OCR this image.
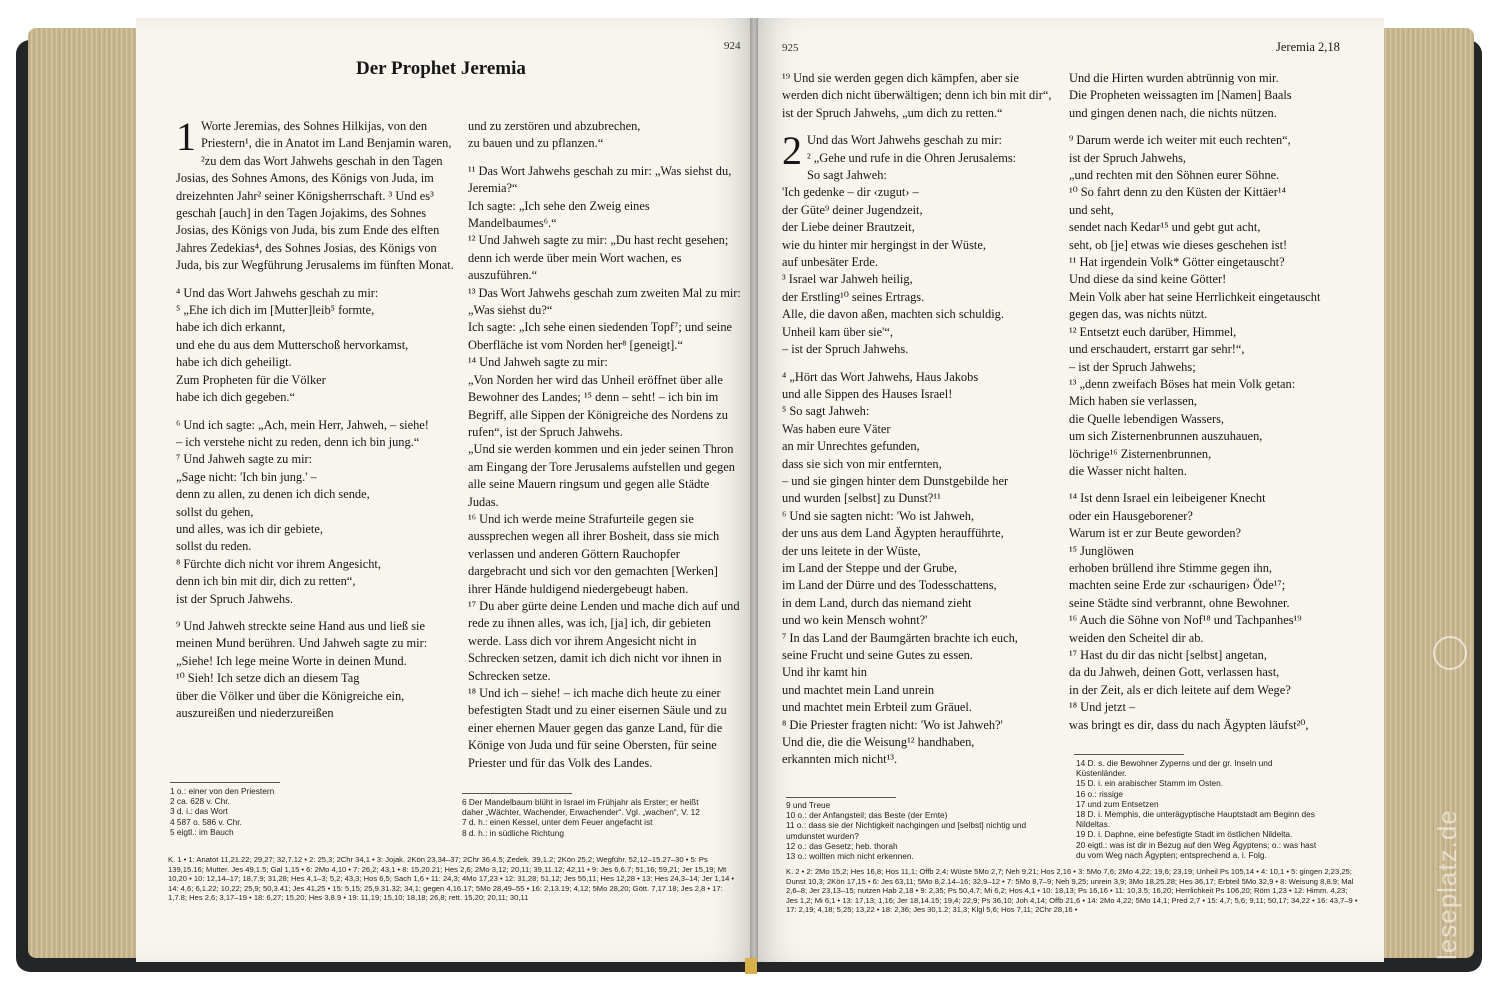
Der Prophet Jeremia
924	925	Jeremia 2,18

1 Worte Jeremias, des Sohnes Hilkijas, von den Priestern¹, die in Anatot im Land Benjamin waren, ²zu dem das Wort Jahwehs geschah in den Tagen Josias, des Sohnes Amons, des Königs von Juda, im dreizehnten Jahr² seiner Königsherrschaft. ³ Und es³ geschah [auch] in den Tagen Jojakims, des Sohnes Josias, des Königs von Juda, bis zum Ende des elften Jahres Zedekias⁴, des Sohnes Josias, des Königs von Juda, bis zur Wegführung Jerusalems im fünften Monat.

⁴ Und das Wort Jahwehs geschah zu mir:
⁵ „Ehe ich dich im [Mutter]leib⁵ formte,
habe ich dich erkannt,
und ehe du aus dem Mutterschoß hervorkamst,
habe ich dich geheiligt.
Zum Propheten für die Völker
habe ich dich gegeben.“

⁶ Und ich sagte: „Ach, mein Herr, Jahweh, – siehe!
– ich verstehe nicht zu reden, denn ich bin jung.“
⁷ Und Jahweh sagte zu mir:
„Sage nicht: 'Ich bin jung.' –
denn zu allen, zu denen ich dich sende,
sollst du gehen,
und alles, was ich dir gebiete,
sollst du reden.
⁸ Fürchte dich nicht vor ihrem Angesicht,
denn ich bin mit dir, dich zu retten“,
ist der Spruch Jahwehs.

⁹ Und Jahweh streckte seine Hand aus und ließ sie meinen Mund berühren. Und Jahweh sagte zu mir:
„Siehe! Ich lege meine Worte in deinen Mund.
¹⁰ Sieh! Ich setze dich an diesem Tag
über die Völker und über die Königreiche ein,
auszureißen und niederzureißen

und zu zerstören und abzubrechen,
zu bauen und zu pflanzen.“

¹¹ Das Wort Jahwehs geschah zu mir: „Was siehst du, Jeremia?“
Ich sagte: „Ich sehe den Zweig eines Mandelbaumes⁶.“
¹² Und Jahweh sagte zu mir: „Du hast recht gesehen; denn ich werde über mein Wort wachen, es auszuführen.“
¹³ Das Wort Jahwehs geschah zum zweiten Mal zu mir: „Was siehst du?“
Ich sagte: „Ich sehe einen siedenden Topf⁷; und seine Oberfläche ist vom Norden her⁸ [geneigt].“
¹⁴ Und Jahweh sagte zu mir:
„Von Norden her wird das Unheil eröffnet über alle Bewohner des Landes; ¹⁵ denn – seht! – ich bin im Begriff, alle Sippen der Königreiche des Nordens zu rufen“, ist der Spruch Jahwehs.
„Und sie werden kommen und ein jeder seinen Thron am Eingang der Tore Jerusalems aufstellen und gegen alle seine Mauern ringsum und gegen alle Städte Judas.
¹⁶ Und ich werde meine Strafurteile gegen sie aussprechen wegen all ihrer Bosheit, dass sie mich verlassen und anderen Göttern Rauchopfer dargebracht und sich vor den gemachten [Werken] ihrer Hände huldigend niedergebeugt haben.
¹⁷ Du aber gürte deine Lenden und mache dich auf und rede zu ihnen alles, was ich, [ja] ich, dir gebieten werde. Lass dich vor ihrem Angesicht nicht in Schrecken setzen, damit ich dich nicht vor ihnen in Schrecken setze.
¹⁸ Und ich – siehe! – ich mache dich heute zu einer befestigten Stadt und zu einer eisernen Säule und zu einer ehernen Mauer gegen das ganze Land, für die Könige von Juda und für seine Obersten, für seine Priester und für das Volk des Landes.

¹⁹ Und sie werden gegen dich kämpfen, aber sie werden dich nicht überwältigen; denn ich bin mit dir“, ist der Spruch Jahwehs, „um dich zu retten.“

2 Und das Wort Jahwehs geschah zu mir:
² „Gehe und rufe in die Ohren Jerusalems:
So sagt Jahweh:
'Ich gedenke – dir ‹zugut› –
der Güte⁹ deiner Jugendzeit,
der Liebe deiner Brautzeit,
wie du hinter mir hergingst in der Wüste,
auf unbesäter Erde.
³ Israel war Jahweh heilig,
der Erstling¹⁰ seines Ertrags.
Alle, die davon aßen, machten sich schuldig.
Unheil kam über sie'“,
– ist der Spruch Jahwehs.

⁴ „Hört das Wort Jahwehs, Haus Jakobs
und alle Sippen des Hauses Israel!
⁵ So sagt Jahweh:
Was haben eure Väter
an mir Unrechtes gefunden,
dass sie sich von mir entfernten,
– und sie gingen hinter dem Dunstgebilde her
und wurden [selbst] zu Dunst?¹¹
⁶ Und sie sagten nicht: 'Wo ist Jahweh,
der uns aus dem Land Ägypten heraufführte,
der uns leitete in der Wüste,
im Land der Steppe und der Grube,
im Land der Dürre und des Todesschattens,
in dem Land, durch das niemand zieht
und wo kein Mensch wohnt?'
⁷ In das Land der Baumgärten brachte ich euch,
seine Frucht und seine Gutes zu essen.
Und ihr kamt hin
und machtet mein Land unrein
und machtet mein Erbteil zum Gräuel.
⁸ Die Priester fragten nicht: 'Wo ist Jahweh?'
Und die, die die Weisung¹² handhaben,
erkannten mich nicht¹³.

Und die Hirten wurden abtrünnig von mir.
Die Propheten weissagten im [Namen] Baals
und gingen denen nach, die nichts nützen.

⁹ Darum werde ich weiter mit euch rechten“,
ist der Spruch Jahwehs,
„und rechten mit den Söhnen eurer Söhne.
¹⁰ So fahrt denn zu den Küsten der Kittäer¹⁴
und seht,
sendet nach Kedar¹⁵ und gebt gut acht,
seht, ob [je] etwas wie dieses geschehen ist!
¹¹ Hat irgendein Volk* Götter eingetauscht?
Und diese da sind keine Götter!
Mein Volk aber hat seine Herrlichkeit eingetauscht
gegen das, was nichts nützt.
¹² Entsetzt euch darüber, Himmel,
und erschaudert, erstarrt gar sehr!“,
– ist der Spruch Jahwehs;
¹³ „denn zweifach Böses hat mein Volk getan:
Mich haben sie verlassen,
die Quelle lebendigen Wassers,
um sich Zisternenbrunnen auszuhauen,
löchrige¹⁶ Zisternenbrunnen,
die Wasser nicht halten.

¹⁴ Ist denn Israel ein leibeigener Knecht
oder ein Hausgeborener?
Warum ist er zur Beute geworden?
¹⁵ Junglöwen
erhoben brüllend ihre Stimme gegen ihn,
machten seine Erde zur ‹schaurigen› Öde¹⁷;
seine Städte sind verbrannt, ohne Bewohner.
¹⁶ Auch die Söhne von Nof¹⁸ und Tachpanhes¹⁹
weiden den Scheitel dir ab.
¹⁷ Hast du dir das nicht [selbst] angetan,
da du Jahweh, deinen Gott, verlassen hast,
in der Zeit, als er dich leitete auf dem Wege?
¹⁸ Und jetzt –
was bringt es dir, dass du nach Ägypten läufst²⁰,

1 o.: einer von den Priestern
2 ca. 628 v. Chr.
3 d. i.: das Wort
4 587 o. 586 v. Chr.
5 eigtl.: im Bauch
6 Der Mandelbaum blüht in Israel im Frühjahr als Erster; er heißt
daher „Wächter, Wachender, Erwachender“. Vgl. „wachen“, V. 12
7 d. h.: einen Kessel, unter dem Feuer angefacht ist
8 d. h.: in südliche Richtung
9 und Treue
10 o.: der Anfangsteil; das Beste (der Ernte)
11 o.: dass sie der Nichtigkeit nachgingen und [selbst] nichtig und
umdunstet wurden?
12 o.: das Gesetz; heb. thorah
13 o.: wollten mich nicht erkennen.
14 D. s. die Bewohner Zyperns und der gr. Inseln und
Küstenländer.
15 D. i. ein arabischer Stamm im Osten.
16 o.: rissige
17 und zum Entsetzen
18 D. i. Memphis, die unterägyptische Hauptstadt am Beginn des
Nildeltas.
19 D. i. Daphne, eine befestigte Stadt im östlichen Nildelta.
20 eigtl.: was ist dir in Bezug auf den Weg Ägyptens; o.: was hast
du vom Weg nach Ägypten; entsprechend a. i. Folg.
K. 1 • 1: Anatot 11,21.22; 29,27; 32,7.12 • 2: 25,3; 2Chr 34,1 • 3: Jojak. 2Kön 23,34–37; 2Chr 36,4.5; Zedek. 39,1.2; 2Kön 25,2; Wegführ. 52,12–15.27–30 • 5: Ps 139,15.16; Mutter. Jes 49,1.5; Gal 1,15 • 6: 2Mo 4,10 • 7: 26,2; 43,1 • 8: 15,20.21; Hes 2,6; 2Mo 3,12; 20,11; 39,11.12; 42,11 • 9: Jes 6,6.7; 51,16; 59,21; Jer 15,19; Mt 10,20 • 10: 12,14–17; 18,7.9; 31,28; Hes 4,1–3; 5,2; 43,3; Hos 6,5; Sach 1,6 • 11: 24,3; 4Mo 17,23 • 12: 31,28; 51,12; Jes 55,11; Hes 12,28 • 13: Hes 24,3–14; Jer 1,14 • 14: 4,6; 6,1.22; 10,22; 25,9; 50,3.41; Jes 41,25 • 15: 5,15; 25,9.31.32; 34,1; gegen 4,16.17; 5Mo 28,49–55 • 16: 2,13.19; 4,12; 5Mo 28,20; Gött. 7,17.18; Jes 2,8 • 17: 1,7.8; Hes 2,6; 3,17–19 • 18: 6,27; 15,20; Hes 3,8.9 • 19: 11,19; 15,10; 18,18; 26,8; rett. 15,20; 20,11; 30,11
K. 2 • 2: 2Mo 15,2; Hes 16,8; Hos 11,1; Offb 2,4; Wüste 5Mo 2,7; Neh 9,21; Hos 2,16 • 3: 5Mo 7,6; 2Mo 4,22; 19,6; 23,19; Unheil Ps 105,14 • 4: 10,1 • 5: gingen 2,23,25; Dunst 10,3; 2Kön 17,15 • 6: Jes 63,11; 5Mo 8,2.14–16; 32,9–12 • 7: 5Mo 8,7–9; Neh 9,25; unrein 3,9; 3Mo 18,25.28; Hes 36,17; Erbteil 5Mo 32,9 • 8: Weisung 8,8.9; Mal 2,6–8; Jer 23,13–15; nutzen Hab 2,18 • 9: 2,35; Ps 50,4.7; Mi 6,2; Hos 4,1 • 10: 18,13; Ps 16,16 • 11: 10,3.5; 16,20; Herrlichkeit Ps 106,20; Röm 1,23 • 12: Himm. 4,23; Jes 1,2; Mi 6,1 • 13: 17,13; 1,16; Jer 18,14.15; 19,4; 22,9; Ps 36,10; Joh 4,14; Offb 21,6 • 14: 2Mo 4,22; 5Mo 14,1; Pred 2,7 • 15: 4,7; 5,6; 9,11; 50,17; 34,22 • 16: 43,7–9 • 17: 2,19; 4,18; 5,25; 13,22 • 18: 2,36; Jes 30,1.2; 31,3; Klgl 5,6; Hos 7,11; 2Chr 28,16 •	leseplatz.de
